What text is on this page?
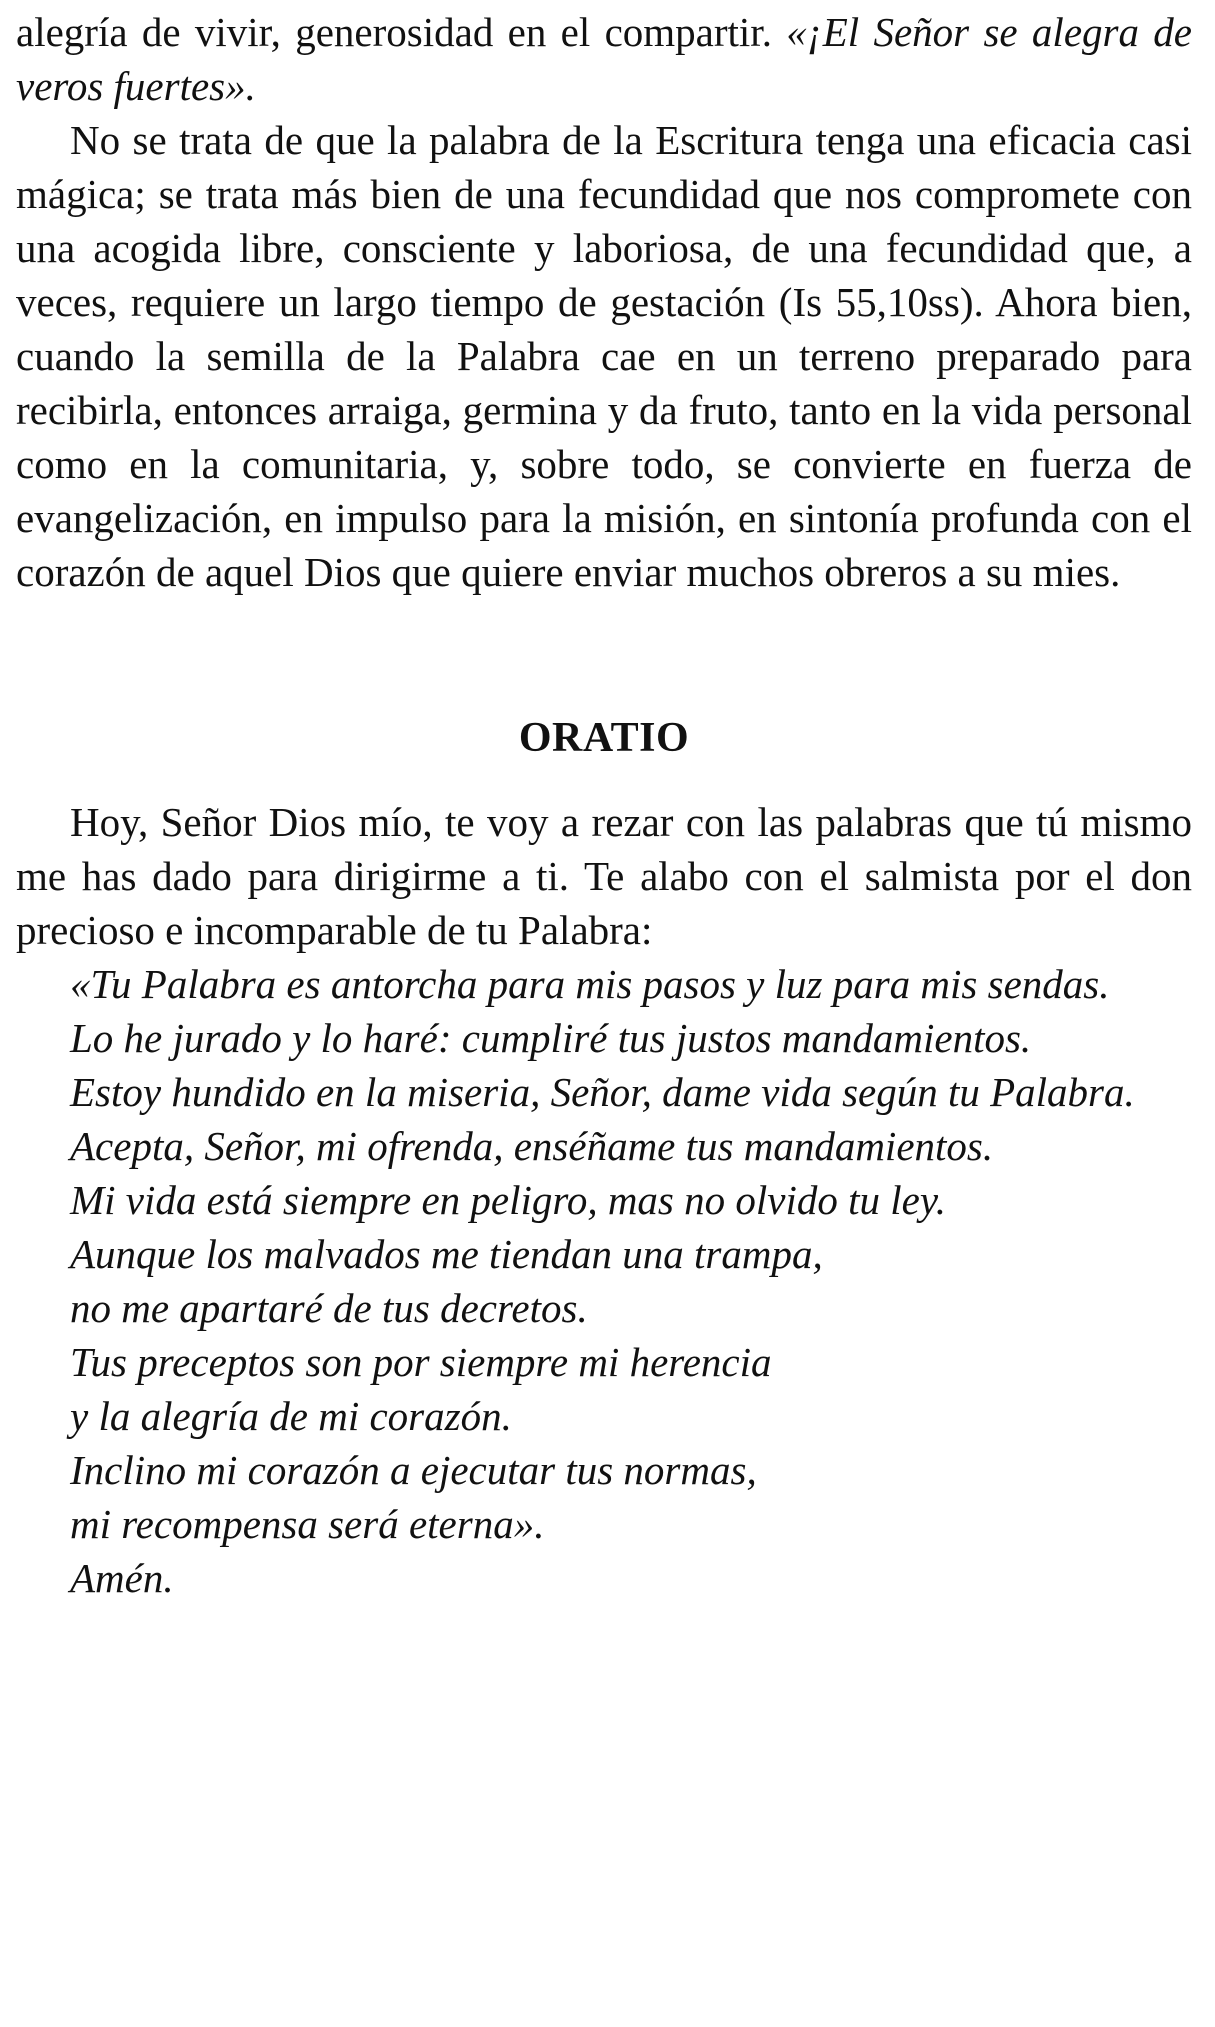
alegría de vivir, generosidad en el compartir. «¡El Señor se alegra de veros fuertes».

No se trata de que la palabra de la Escritura tenga una eficacia casi mágica; se trata más bien de una fecundidad que nos compromete con una acogida libre, consciente y laboriosa, de una fecundidad que, a veces, requiere un largo tiempo de gestación (Is 55,10ss). Ahora bien, cuando la semilla de la Palabra cae en un terreno preparado para recibirla, entonces arraiga, germina y da fruto, tanto en la vida personal como en la comunitaria, y, sobre todo, se convierte en fuerza de evangelización, en impulso para la misión, en sintonía profunda con el corazón de aquel Dios que quiere enviar muchos obreros a su mies.

ORATIO

Hoy, Señor Dios mío, te voy a rezar con las palabras que tú mismo me has dado para dirigirme a ti. Te alabo con el salmista por el don precioso e incomparable de tu Palabra:

«Tu Palabra es antorcha para mis pasos y luz para mis sendas.
Lo he jurado y lo haré: cumpliré tus justos mandamientos.
Estoy hundido en la miseria, Señor, dame vida según tu Palabra.
Acepta, Señor, mi ofrenda, enséñame tus mandamientos.
Mi vida está siempre en peligro, mas no olvido tu ley.
Aunque los malvados me tiendan una trampa,
no me apartaré de tus decretos.
Tus preceptos son por siempre mi herencia
y la alegría de mi corazón.
Inclino mi corazón a ejecutar tus normas,
mi recompensa será eterna».
Amén.
